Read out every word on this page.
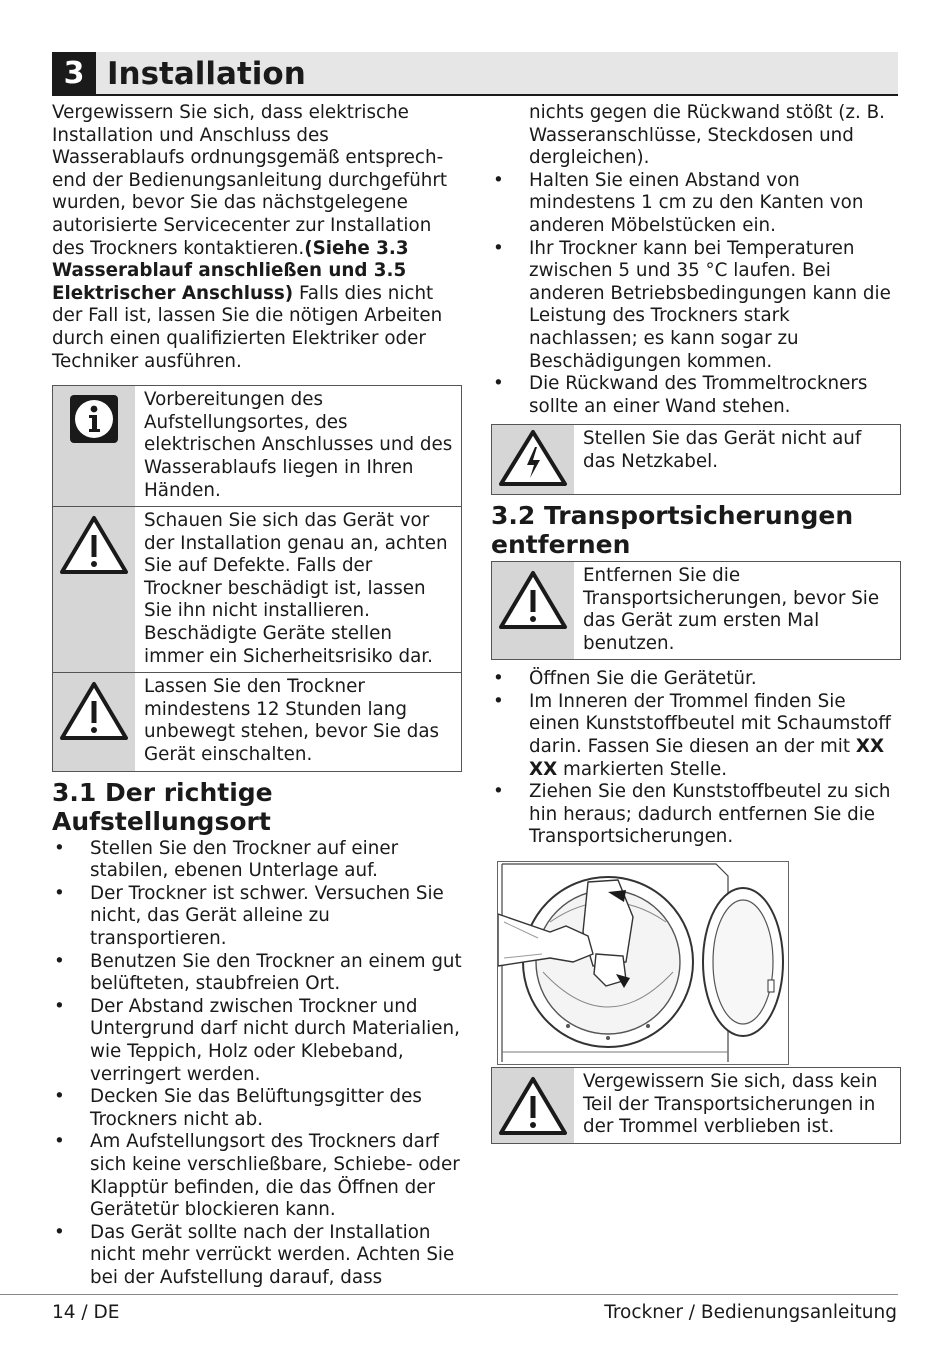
3 Installation

Vergewissern Sie sich, dass elektrische Installation und Anschluss des Wasserablaufs ordnungsgemäß entsprechend der Bedienungsanleitung durchgeführt wurden, bevor Sie das nächstgelegene autorisierte Servicecenter zur Installation des Trockners kontaktieren.(Siehe 3.3 Wasserablauf anschließen und 3.5 Elektrischer Anschluss) Falls dies nicht der Fall ist, lassen Sie die nötigen Arbeiten durch einen qualifizierten Elektriker oder Techniker ausführen.

Vorbereitungen des Aufstellungsortes, des elektrischen Anschlusses und des Wasserablaufs liegen in Ihren Händen.
Schauen Sie sich das Gerät vor der Installation genau an, achten Sie auf Defekte. Falls der Trockner beschädigt ist, lassen Sie ihn nicht installieren. Beschädigte Geräte stellen immer ein Sicherheitsrisiko dar.
Lassen Sie den Trockner mindestens 12 Stunden lang unbewegt stehen, bevor Sie das Gerät einschalten.
3.1 Der richtige Aufstellungsort
• Stellen Sie den Trockner auf einer stabilen, ebenen Unterlage auf.
• Der Trockner ist schwer. Versuchen Sie nicht, das Gerät alleine zu transportieren.
• Benutzen Sie den Trockner an einem gut belüfteten, staubfreien Ort.
• Der Abstand zwischen Trockner und Untergrund darf nicht durch Materialien, wie Teppich, Holz oder Klebeband, verringert werden.
• Decken Sie das Belüftungsgitter des Trockners nicht ab.
• Am Aufstellungsort des Trockners darf sich keine verschließbare, Schiebe- oder Klapptür befinden, die das Öffnen der Gerätetür blockieren kann.
• Das Gerät sollte nach der Installation nicht mehr verrückt werden. Achten Sie bei der Aufstellung darauf, dass

nichts gegen die Rückwand stößt (z. B. Wasseranschlüsse, Steckdosen und dergleichen).

• Halten Sie einen Abstand von mindestens 1 cm zu den Kanten von anderen Möbelstücken ein.
• Ihr Trockner kann bei Temperaturen zwischen 5 und 35 °C laufen. Bei anderen Betriebsbedingungen kann die Leistung des Trockners stark nachlassen; es kann sogar zu Beschädigungen kommen.
• Die Rückwand des Trommeltrockners sollte an einer Wand stehen.
Stellen Sie das Gerät nicht auf das Netzkabel.
3.2 Transportsicherungen entfernen
Entfernen Sie die Transportsicherungen, bevor Sie das Gerät zum ersten Mal benutzen.
• Öffnen Sie die Gerätetür.
• Im Inneren der Trommel finden Sie einen Kunststoffbeutel mit Schaumstoff darin. Fassen Sie diesen an der mit XX XX markierten Stelle.
• Ziehen Sie den Kunststoffbeutel zu sich hin heraus; dadurch entfernen Sie die Transportsicherungen.
Vergewissern Sie sich, dass kein Teil der Transportsicherungen in der Trommel verblieben ist.
14 / DE	Trockner / Bedienungsanleitung
